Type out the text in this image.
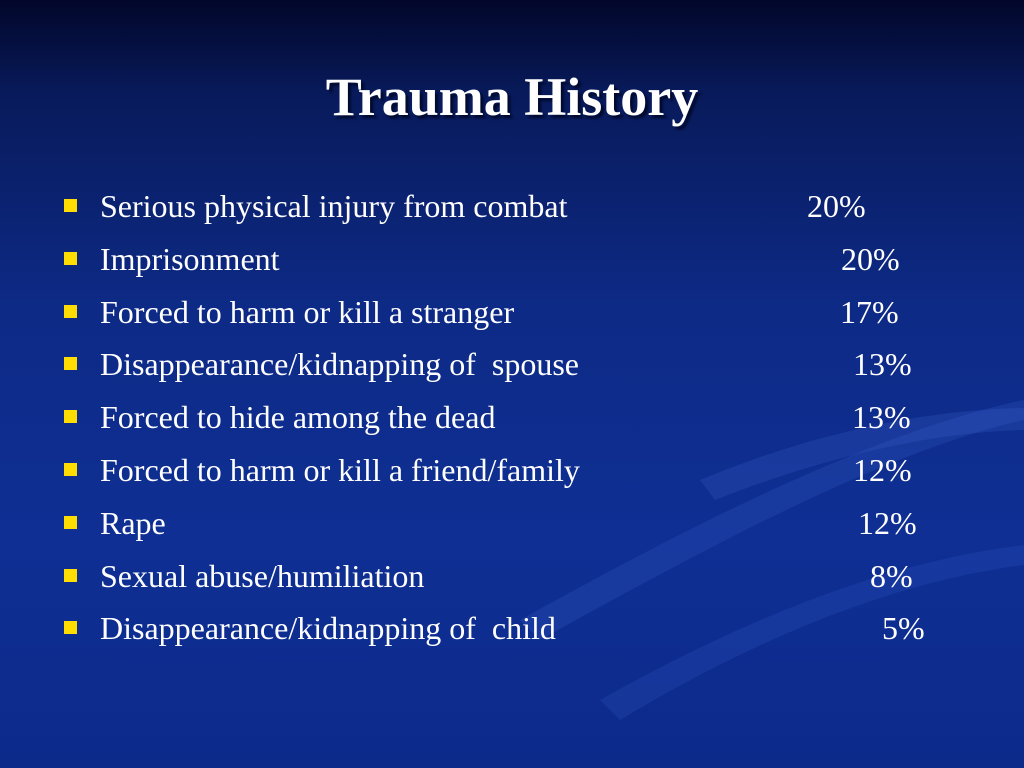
Trauma History
Serious physical injury from combat	20%
Imprisonment	20%
Forced to harm or kill a stranger	17%
Disappearance/kidnapping of  spouse	13%
Forced to hide among the dead	13%
Forced to harm or kill a friend/family	12%
Rape	12%
Sexual abuse/humiliation	8%
Disappearance/kidnapping of  child	5%
